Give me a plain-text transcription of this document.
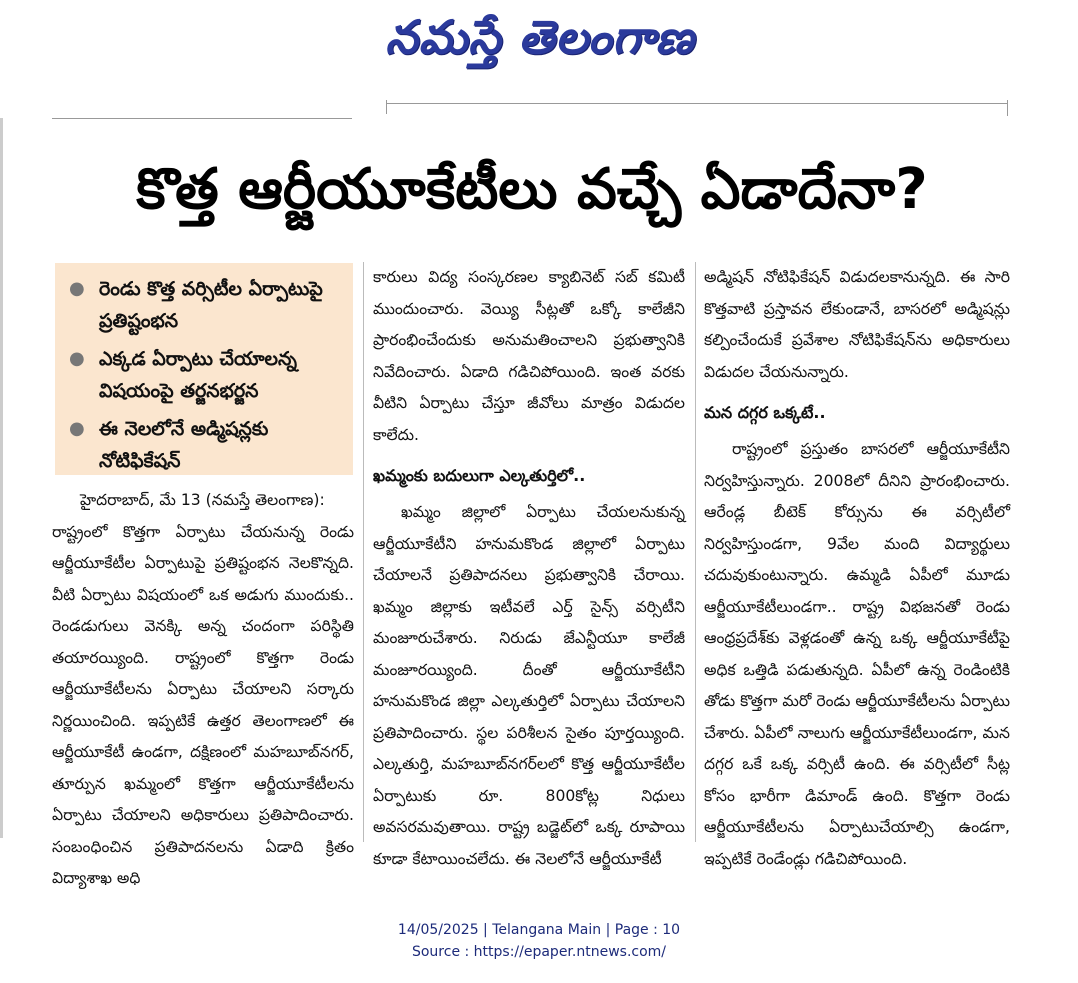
నమస్తే తెలంగాణ
కొత్త ఆర్జీయూకేటీలు వచ్చే ఏడాదేనా?
● రెండు కొత్త వర్సిటీల ఏర్పాటుపై ప్రతిష్టంభన
● ఎక్కడ ఏర్పాటు చేయాలన్న విషయంపై తర్జనభర్జన
● ఈ నెలలోనే అడ్మిషన్లకు నోటిఫికేషన్

హైదరాబాద్, మే 13 (నమస్తే తెలంగాణ):

రాష్ట్రంలో కొత్తగా ఏర్పాటు చేయనున్న రెండు ఆర్జీయూకేటీల ఏర్పాటుపై ప్రతిష్టంభన నెలకొన్నది. వీటి ఏర్పాటు విషయంలో ఒక అడుగు ముందుకు.. రెండడుగులు వెనక్కి అన్న చందంగా పరిస్థితి తయారయ్యింది. రాష్ట్రంలో కొత్తగా రెండు ఆర్జీయూకేటీలను ఏర్పాటు చేయాలని సర్కారు నిర్ణయించింది. ఇప్పటికే ఉత్తర తెలంగాణలో ఈ ఆర్జీయూకేటీ ఉండగా, దక్షిణంలో మహబూబ్‌నగర్, తూర్పున ఖమ్మంలో కొత్తగా ఆర్జీయూకేటీలను ఏర్పాటు చేయాలని అధికారులు ప్రతిపాదించారు. సంబంధించిన ప్రతిపాదనలను ఏడాది క్రితం విద్యాశాఖ అధి

కారులు విద్య సంస్కరణల క్యాబినెట్ సబ్ కమిటీ ముందుంచారు. వెయ్యి సీట్లతో ఒక్కో కాలేజీని ప్రారంభించేందుకు అనుమతించాలని ప్రభుత్వానికి నివేదించారు. ఏడాది గడిచిపోయింది. ఇంత వరకు వీటిని ఏర్పాటు చేస్తూ జీవోలు మాత్రం విడుదల కాలేదు.

ఖమ్మంకు బదులుగా ఎల్కతుర్తిలో..

ఖమ్మం జిల్లాలో ఏర్పాటు చేయలనుకున్న ఆర్జీయూకేటీని హనుమకొండ జిల్లాలో ఏర్పాటు చేయాలనే ప్రతిపాదనలు ప్రభుత్వానికి చేరాయి. ఖమ్మం జిల్లాకు ఇటీవలే ఎర్త్ సైన్స్ వర్సిటీని మంజూరుచేశారు. నిరుడు జేఎన్టీయూ కాలేజీ మంజూరయ్యింది. దీంతో ఆర్జీయూకేటీని హనుమకొండ జిల్లా ఎల్కతుర్తిలో ఏర్పాటు చేయాలని ప్రతిపాదించారు. స్థల పరిశీలన సైతం పూర్తయ్యింది. ఎల్కతుర్తి, మహబూబ్‌నగర్‌లలో కొత్త ఆర్జీయూకేటీల ఏర్పాటుకు రూ. 800కోట్ల నిధులు అవసరమవుతాయి. రాష్ట్ర బడ్జెట్‌లో ఒక్క రూపాయి కూడా కేటాయించలేదు. ఈ నెలలోనే ఆర్జీయూకేటీ

అడ్మిషన్ నోటిఫికేషన్ విడుదలకానున్నది. ఈ సారి కొత్తవాటి ప్రస్తావన లేకుండానే, బాసరలో అడ్మిషన్లు కల్పించేందుకే ప్రవేశాల నోటిఫికేషన్‌ను అధికారులు విడుదల చేయనున్నారు.

మన దగ్గర ఒక్కటే..

రాష్ట్రంలో ప్రస్తుతం బాసరలో ఆర్జీయూకేటీని నిర్వహిస్తున్నారు. 2008లో దీనిని ప్రారంభించారు. ఆరేండ్ల బీటెక్ కోర్సును ఈ వర్సిటీలో నిర్వహిస్తుండగా, 9వేల మంది విద్యార్థులు చదువుకుంటున్నారు. ఉమ్మడి ఏపీలో మూడు ఆర్జీయూకేటీలుండగా.. రాష్ట్ర విభజనతో రెండు ఆంధ్రప్రదేశ్‌కు వెళ్లడంతో ఉన్న ఒక్క ఆర్జీయూకేటీపై అధిక ఒత్తిడి పడుతున్నది. ఏపీలో ఉన్న రెండింటికి తోడు కొత్తగా మరో రెండు ఆర్జీయూకేటీలను ఏర్పాటు చేశారు. ఏపీలో నాలుగు ఆర్జీయూకేటీలుండగా, మన దగ్గర ఒకే ఒక్క వర్సిటీ ఉంది. ఈ వర్సిటీలో సీట్ల కోసం భారీగా డిమాండ్ ఉంది. కొత్తగా రెండు ఆర్జీయూకేటీలను ఏర్పాటుచేయాల్సి ఉండగా, ఇప్పటికే రెండేండ్లు గడిచిపోయింది.

14/05/2025 | Telangana Main | Page : 10
Source : https://epaper.ntnews.com/
